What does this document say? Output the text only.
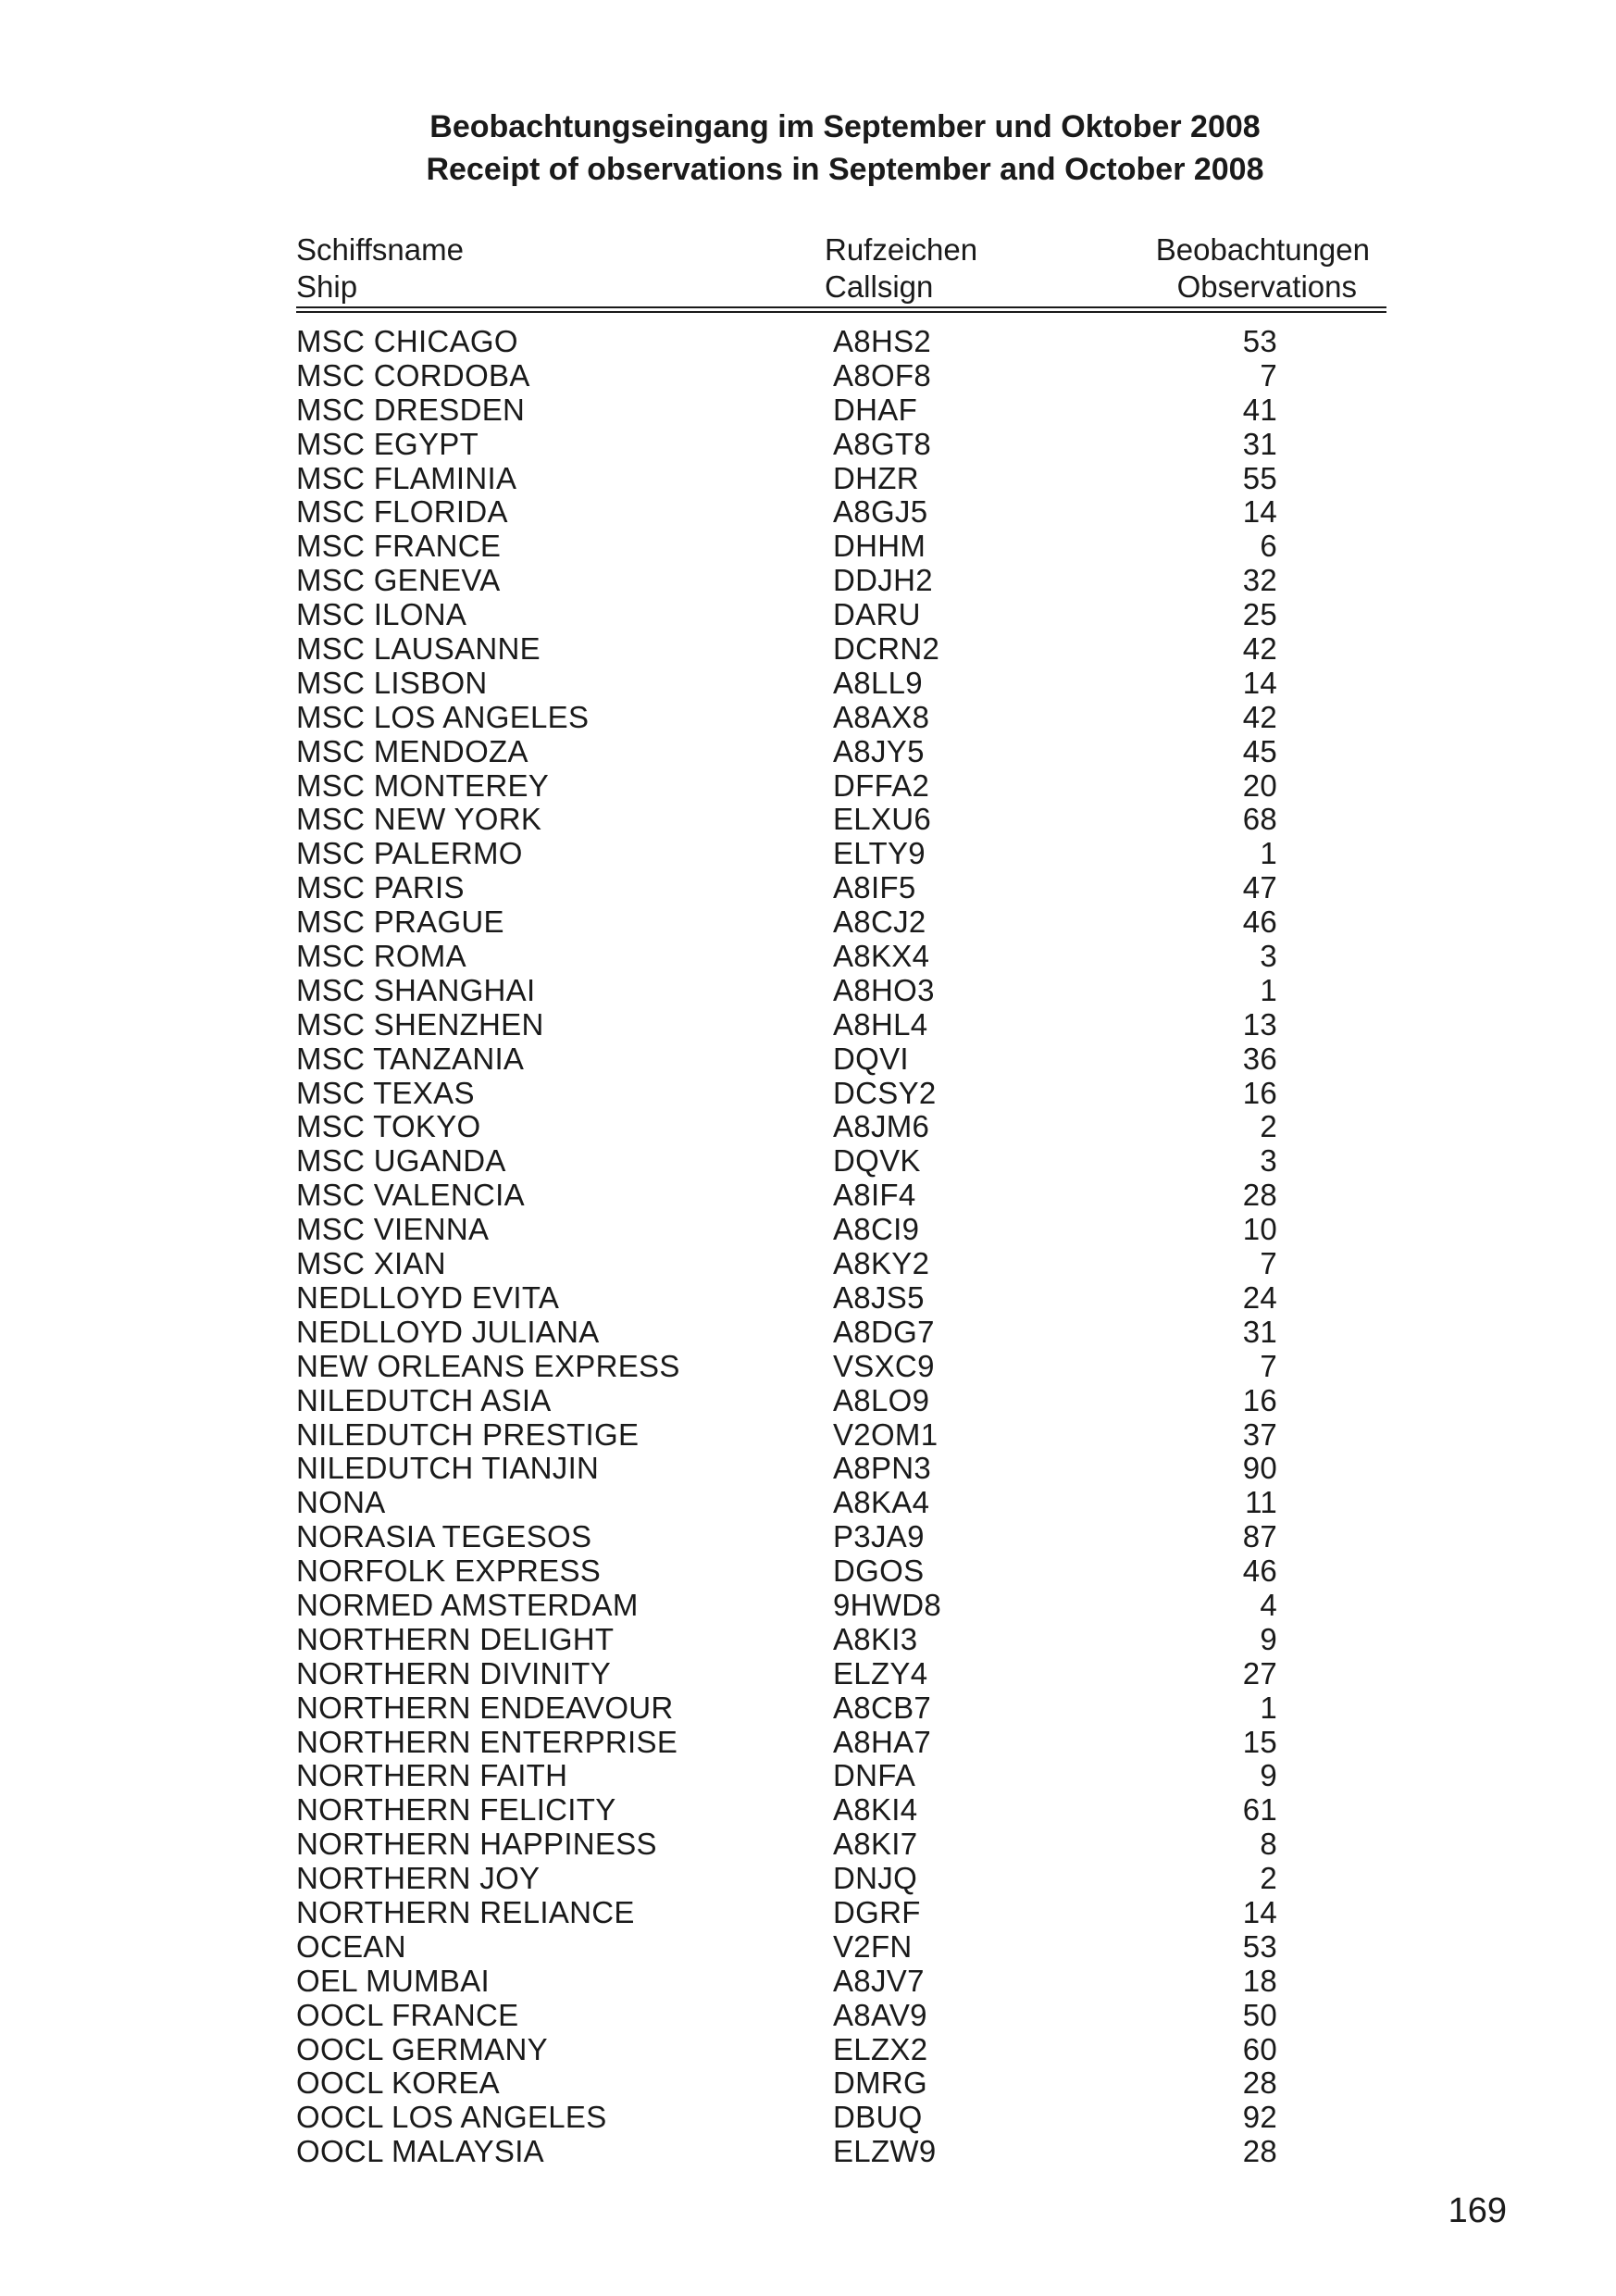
Beobachtungseingang im September und Oktober 2008
Receipt of observations in September and October 2008
Schiffsname
Ship
Rufzeichen
Callsign
Beobachtungen
Observations
MSC CHICAGO	A8HS2	53
MSC CORDOBA	A8OF8	7
MSC DRESDEN	DHAF	41
MSC EGYPT	A8GT8	31
MSC FLAMINIA	DHZR	55
MSC FLORIDA	A8GJ5	14
MSC FRANCE	DHHM	6
MSC GENEVA	DDJH2	32
MSC ILONA	DARU	25
MSC LAUSANNE	DCRN2	42
MSC LISBON	A8LL9	14
MSC LOS ANGELES	A8AX8	42
MSC MENDOZA	A8JY5	45
MSC MONTEREY	DFFA2	20
MSC NEW YORK	ELXU6	68
MSC PALERMO	ELTY9	1
MSC PARIS	A8IF5	47
MSC PRAGUE	A8CJ2	46
MSC ROMA	A8KX4	3
MSC SHANGHAI	A8HO3	1
MSC SHENZHEN	A8HL4	13
MSC TANZANIA	DQVI	36
MSC TEXAS	DCSY2	16
MSC TOKYO	A8JM6	2
MSC UGANDA	DQVK	3
MSC VALENCIA	A8IF4	28
MSC VIENNA	A8CI9	10
MSC XIAN	A8KY2	7
NEDLLOYD EVITA	A8JS5	24
NEDLLOYD JULIANA	A8DG7	31
NEW ORLEANS EXPRESS	VSXC9	7
NILEDUTCH ASIA	A8LO9	16
NILEDUTCH PRESTIGE	V2OM1	37
NILEDUTCH TIANJIN	A8PN3	90
NONA	A8KA4	11
NORASIA TEGESOS	P3JA9	87
NORFOLK EXPRESS	DGOS	46
NORMED AMSTERDAM	9HWD8	4
NORTHERN DELIGHT	A8KI3	9
NORTHERN DIVINITY	ELZY4	27
NORTHERN ENDEAVOUR	A8CB7	1
NORTHERN ENTERPRISE	A8HA7	15
NORTHERN FAITH	DNFA	9
NORTHERN FELICITY	A8KI4	61
NORTHERN HAPPINESS	A8KI7	8
NORTHERN JOY	DNJQ	2
NORTHERN RELIANCE	DGRF	14
OCEAN	V2FN	53
OEL MUMBAI	A8JV7	18
OOCL FRANCE	A8AV9	50
OOCL GERMANY	ELZX2	60
OOCL KOREA	DMRG	28
OOCL LOS ANGELES	DBUQ	92
OOCL MALAYSIA	ELZW9	28
169
